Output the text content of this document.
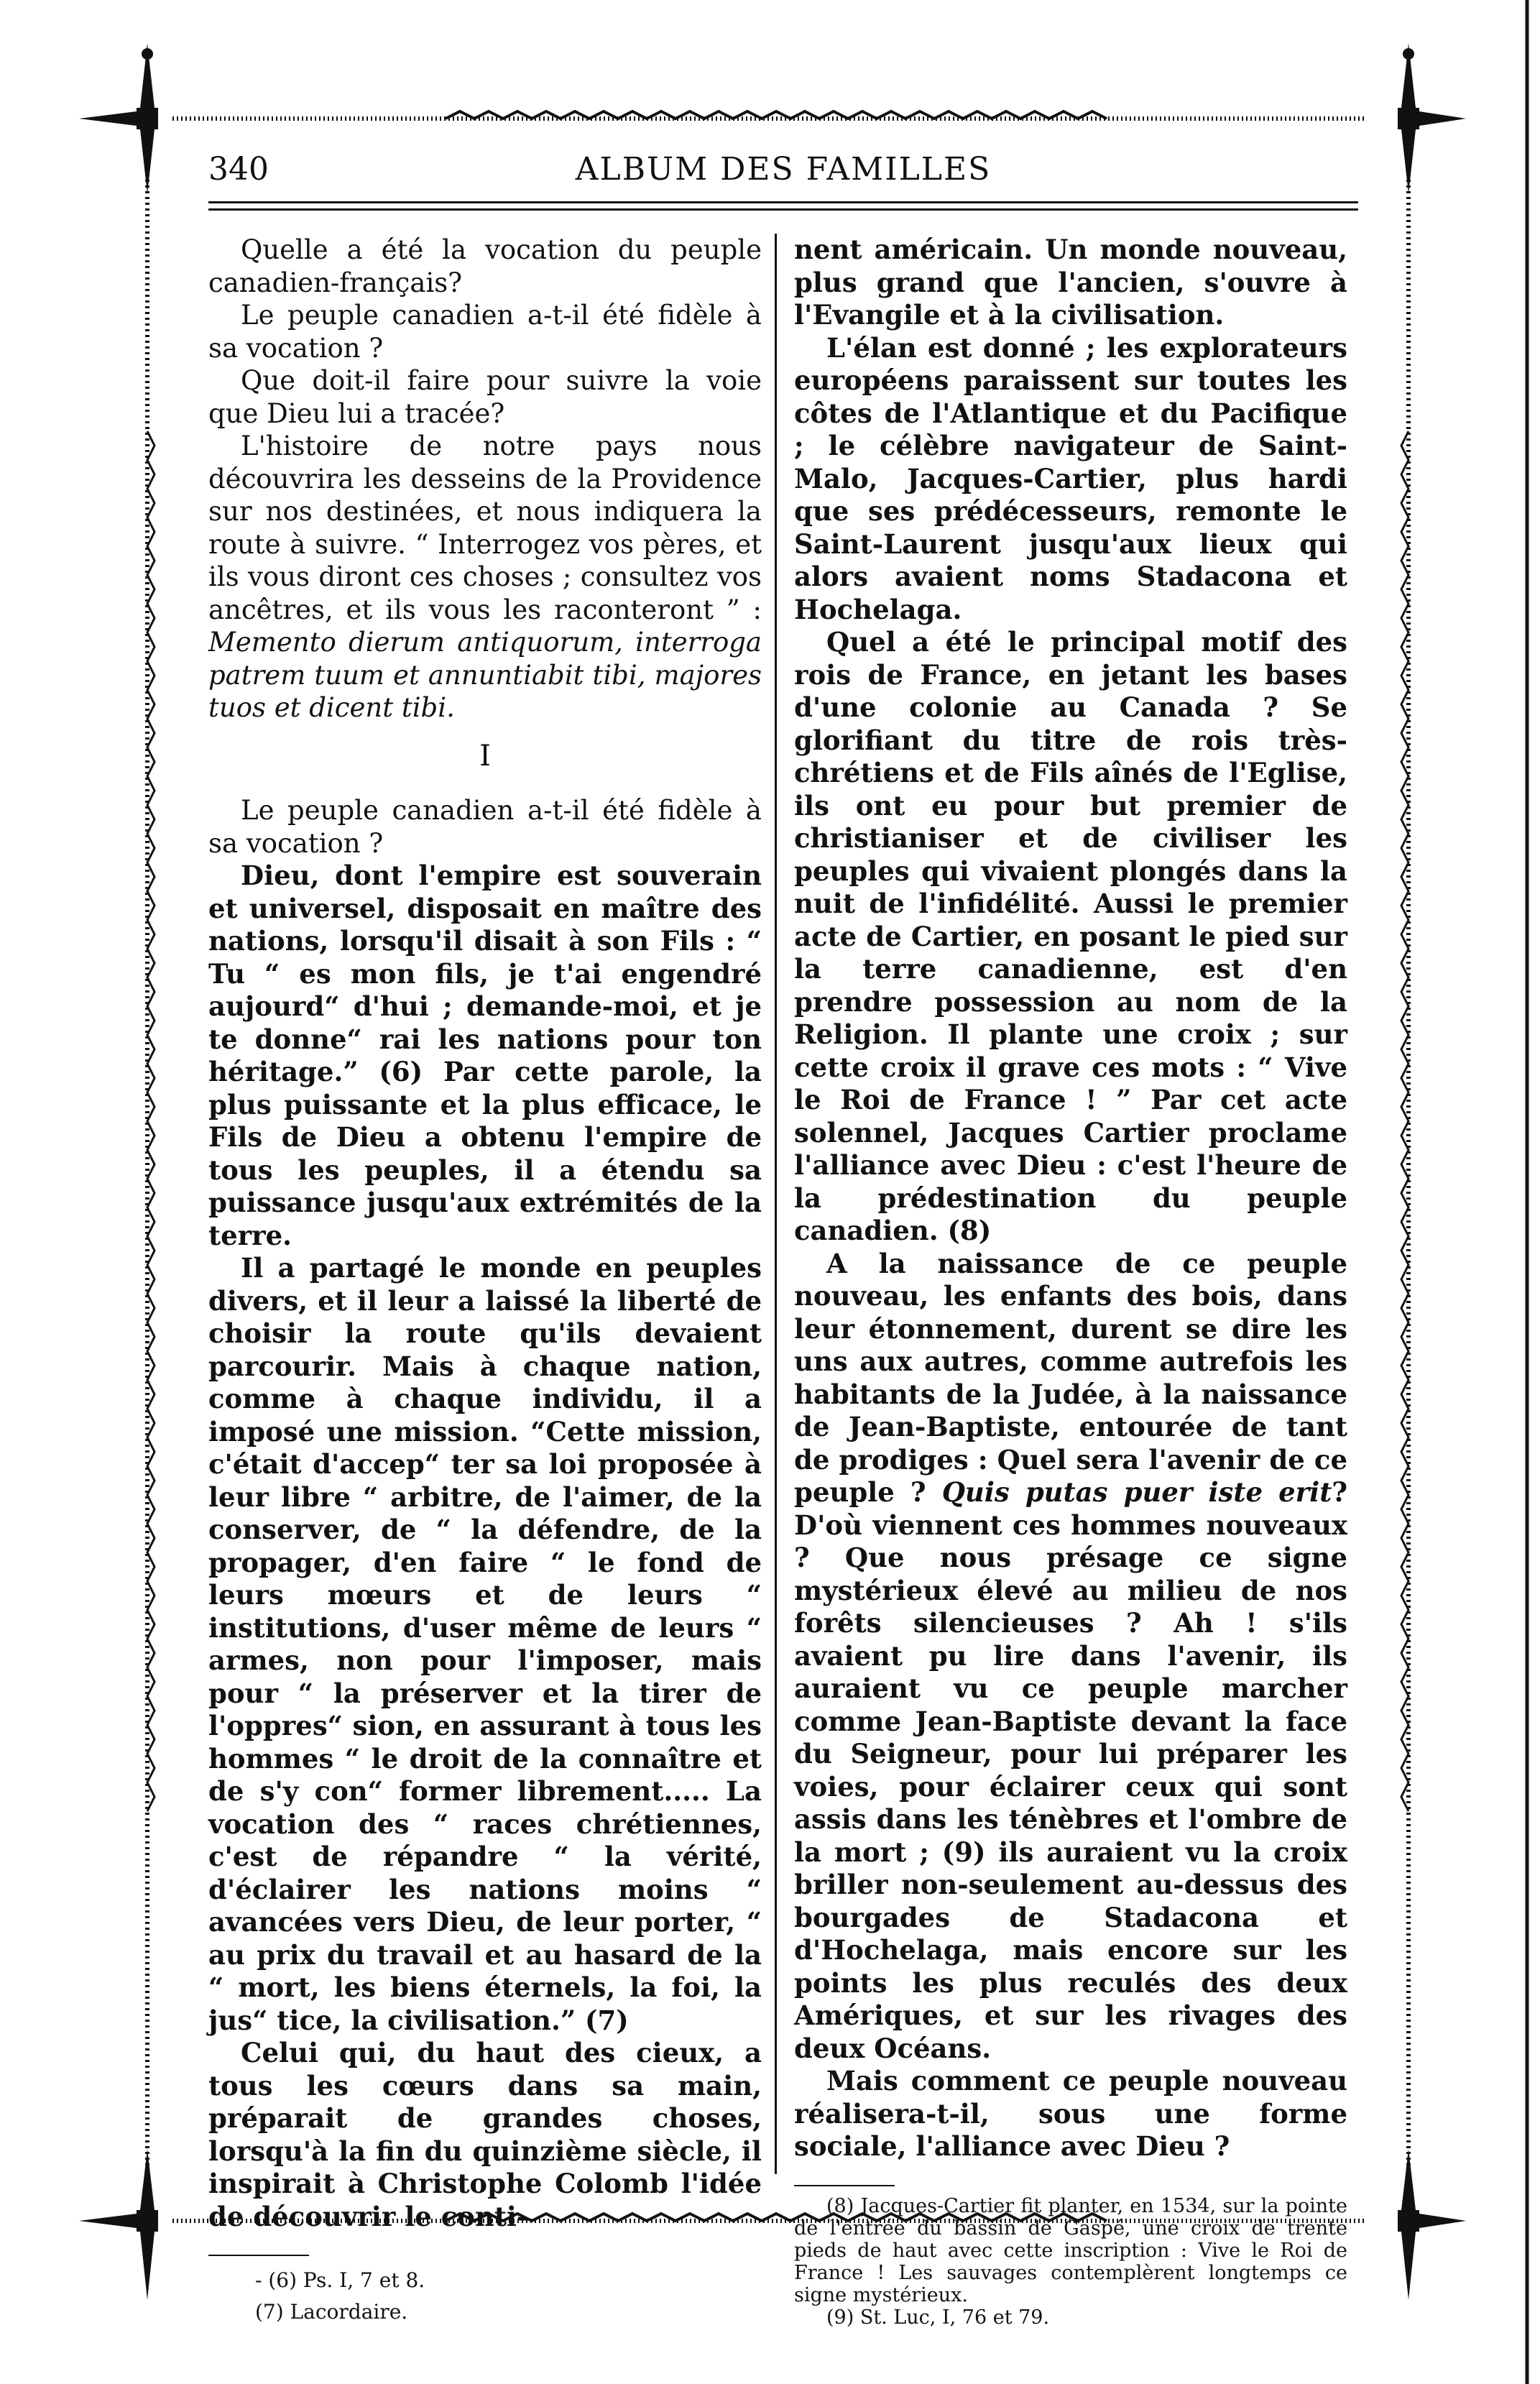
340	ALBUM DES FAMILLES

Quelle a été la vocation du peuple canadien-français?

Le peuple canadien a-t-il été fidèle à sa vocation ?

Que doit-il faire pour suivre la voie que Dieu lui a tracée?

L'histoire de notre pays nous découvrira les desseins de la Providence sur nos destinées, et nous indiquera la route à suivre. “ Interrogez vos pères, et ils vous diront ces choses ; consultez vos ancêtres, et ils vous les raconteront ” : Memento dierum antiquorum, interroga patrem tuum et annuntiabit tibi, majores tuos et dicent tibi.

I

Le peuple canadien a-t-il été fidèle à sa vocation ?

Dieu, dont l'empire est souverain et universel, disposait en maître des nations, lorsqu'il disait à son Fils : “ Tu “ es mon fils, je t'ai engendré aujourd“ d'hui ; demande-moi, et je te donne“ rai les nations pour ton héritage.” (6) Par cette parole, la plus puissante et la plus efficace, le Fils de Dieu a obtenu l'empire de tous les peuples, il a étendu sa puissance jusqu'aux extrémités de la terre.

Il a partagé le monde en peuples divers, et il leur a laissé la liberté de choisir la route qu'ils devaient parcourir. Mais à chaque nation, comme à chaque individu, il a imposé une mission. “Cette mission, c'était d'accep“ ter sa loi proposée à leur libre “ arbitre, de l'aimer, de la conserver, de “ la défendre, de la propager, d'en faire “ le fond de leurs mœurs et de leurs “ institutions, d'user même de leurs “ armes, non pour l'imposer, mais pour “ la préserver et la tirer de l'oppres“ sion, en assurant à tous les hommes “ le droit de la connaître et de s'y con“ former librement..... La vocation des “ races chrétiennes, c'est de répandre “ la vérité, d'éclairer les nations moins “ avancées vers Dieu, de leur porter, “ au prix du travail et au hasard de la “ mort, les biens éternels, la foi, la jus“ tice, la civilisation.” (7)

Celui qui, du haut des cieux, a tous les cœurs dans sa main, préparait de grandes choses, lorsqu'à la fin du quinzième siècle, il inspirait à Christophe Colomb l'idée de découvrir le conti-

- (6) Ps. I, 7 et 8.

(7) Lacordaire.

nent américain. Un monde nouveau, plus grand que l'ancien, s'ouvre à l'Evangile et à la civilisation.

L'élan est donné ; les explorateurs européens paraissent sur toutes les côtes de l'Atlantique et du Pacifique ; le célèbre navigateur de Saint-Malo, Jacques-Cartier, plus hardi que ses prédécesseurs, remonte le Saint-Laurent jusqu'aux lieux qui alors avaient noms Stadacona et Hochelaga.

Quel a été le principal motif des rois de France, en jetant les bases d'une colonie au Canada ? Se glorifiant du titre de rois très-chrétiens et de Fils aînés de l'Eglise, ils ont eu pour but premier de christianiser et de civiliser les peuples qui vivaient plongés dans la nuit de l'infidélité. Aussi le premier acte de Cartier, en posant le pied sur la terre canadienne, est d'en prendre possession au nom de la Religion. Il plante une croix ; sur cette croix il grave ces mots : “ Vive le Roi de France ! ” Par cet acte solennel, Jacques Cartier proclame l'alliance avec Dieu : c'est l'heure de la prédestination du peuple canadien. (8)

A la naissance de ce peuple nouveau, les enfants des bois, dans leur étonnement, durent se dire les uns aux autres, comme autrefois les habitants de la Judée, à la naissance de Jean-Baptiste, entourée de tant de prodiges : Quel sera l'avenir de ce peuple ? Quis putas puer iste erit? D'où viennent ces hommes nouveaux ? Que nous présage ce signe mystérieux élevé au milieu de nos forêts silencieuses ? Ah ! s'ils avaient pu lire dans l'avenir, ils auraient vu ce peuple marcher comme Jean-Baptiste devant la face du Seigneur, pour lui préparer les voies, pour éclairer ceux qui sont assis dans les ténèbres et l'ombre de la mort ; (9) ils auraient vu la croix briller non-seulement au-dessus des bourgades de Stadacona et d'Hochelaga, mais encore sur les points les plus reculés des deux Amériques, et sur les rivages des deux Océans.

Mais comment ce peuple nouveau réalisera-t-il, sous une forme sociale, l'alliance avec Dieu ?

(8) Jacques-Cartier fit planter, en 1534, sur la pointe de l'entrée du bassin de Gaspé, une croix de trente pieds de haut avec cette inscription : Vive le Roi de France ! Les sauvages contemplèrent longtemps ce signe mystérieux.

(9) St. Luc, I, 76 et 79.
